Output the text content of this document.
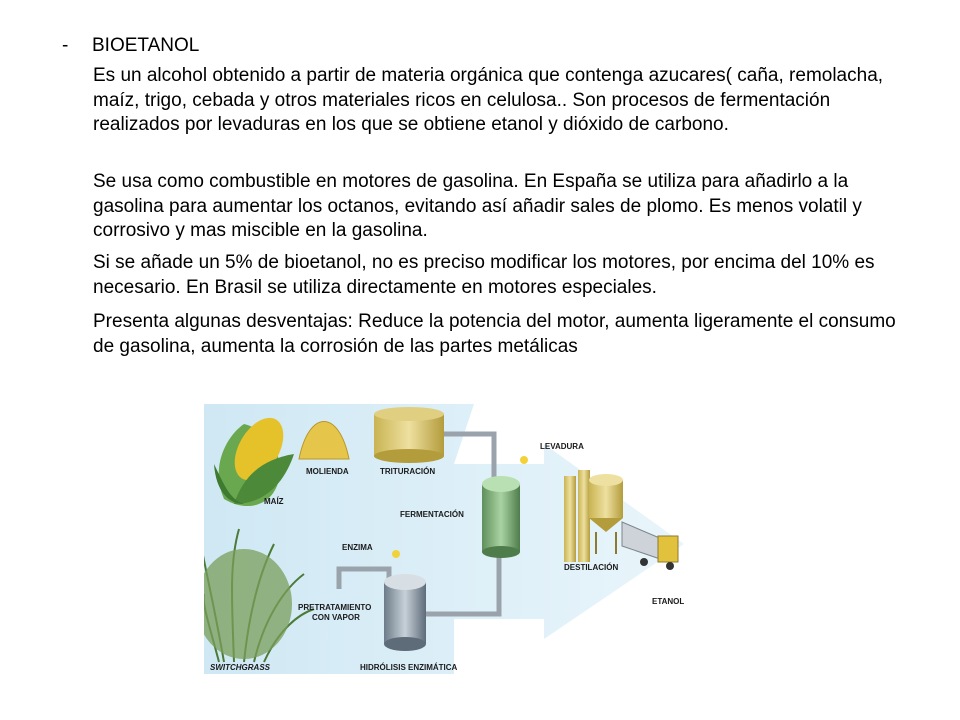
- BIOETANOL

Es un alcohol obtenido a partir de materia orgánica que contenga azucares( caña, remolacha, maíz, trigo, cebada y otros materiales ricos en celulosa.. Son procesos de fermentación realizados por levaduras en los que se obtiene etanol y dióxido de carbono.

Se usa como combustible en motores de gasolina. En España se utiliza para añadirlo a la gasolina para aumentar los octanos, evitando así añadir sales de plomo. Es menos volatil y corrosivo y mas miscible en la gasolina.

Si se añade un 5% de bioetanol, no es preciso modificar los motores, por encima del 10% es necesario. En Brasil se utiliza directamente en motores especiales.

Presenta algunas desventajas: Reduce la potencia del motor, aumenta ligeramente el consumo de gasolina, aumenta la corrosión de las partes metálicas

MAÍZ
MOLIENDA	TRITURACIÓN
LEVADURA
FERMENTACIÓN
ENZIMA
DESTILACIÓN
PRETRATAMIENTO
CON VAPOR
ETANOL
SWITCHGRASS	HIDRÓLISIS ENZIMÁTICA
